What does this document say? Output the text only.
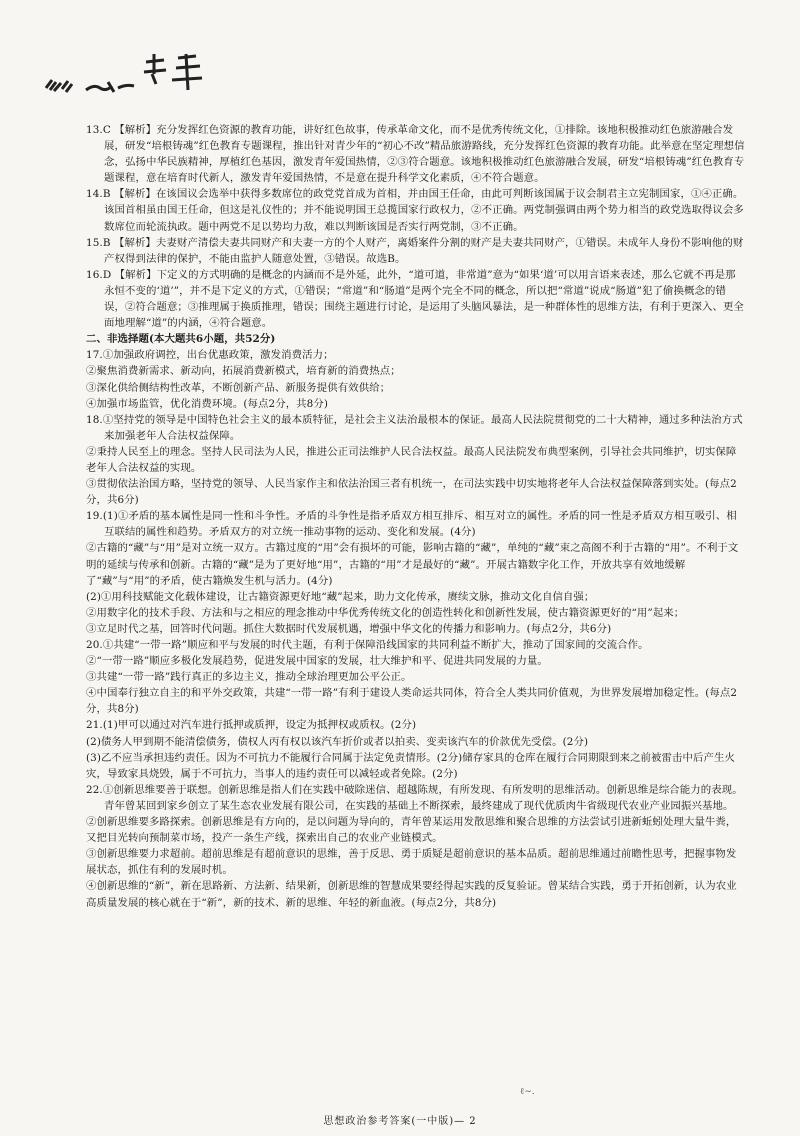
13.C 【解析】充分发挥红色资源的教育功能，讲好红色故事，传承革命文化，而不是优秀传统文化，①排除。该地积极推动红色旅游融合发展，研发“培根铸魂”红色教育专题课程，推出针对青少年的“初心不改”精品旅游路线，充分发挥红色资源的教育功能。此举意在坚定理想信念，弘扬中华民族精神，厚植红色基因，激发青年爱国热情，②③符合题意。该地积极推动红色旅游融合发展，研发“培根铸魂”红色教育专题课程，意在培育时代新人，激发青年爱国热情，不是意在提升科学文化素质，④不符合题意。

14.B 【解析】在该国议会选举中获得多数席位的政党党首成为首相，并由国王任命，由此可判断该国属于议会制君主立宪制国家，①④正确。该国首相虽由国王任命，但这是礼仪性的；并不能说明国王总揽国家行政权力，②不正确。两党制强调由两个势力相当的政党选取得议会多数席位而轮流执政。题中两党不足以势均力敌，难以判断该国是否实行两党制，③不正确。

15.B 【解析】夫妻财产清偿夫妻共同财产和夫妻一方的个人财产，离婚案件分割的财产是夫妻共同财产，①错误。未成年人身份不影响他的财产权得到法律的保护，不能由监护人随意处置，③错误。故选B。

16.D 【解析】下定义的方式明确的是概念的内涵而不是外延，此外，“道可道，非常道”意为“如果‘道’可以用言语来表述，那么它就不再是那永恒不变的‘道’”，并不是下定义的方式，①错误；“常道”和“肠道”是两个完全不同的概念，所以把“常道”说成“肠道”犯了偷换概念的错误，②符合题意；③推理属于换质推理，错误；围绕主题进行讨论，是运用了头脑风暴法，是一种群体性的思维方法，有利于更深入、更全面地理解“道”的内涵，④符合题意。

二、非选择题(本大题共6小题，共52分)

17.①加强政府调控，出台优惠政策，激发消费活力；

②聚焦消费新需求、新动向，拓展消费新模式，培育新的消费热点；

③深化供给侧结构性改革，不断创新产品、新服务提供有效供给；

④加强市场监管，优化消费环境。(每点2分，共8分)

18.①坚持党的领导是中国特色社会主义的最本质特征，是社会主义法治最根本的保证。最高人民法院贯彻党的二十大精神，通过多种法治方式来加强老年人合法权益保障。

②秉持人民至上的理念。坚持人民司法为人民，推进公正司法维护人民合法权益。最高人民法院发布典型案例，引导社会共同维护，切实保障老年人合法权益的实现。

③贯彻依法治国方略，坚持党的领导、人民当家作主和依法治国三者有机统一，在司法实践中切实地将老年人合法权益保障落到实处。(每点2分，共6分)

19.(1)①矛盾的基本属性是同一性和斗争性。矛盾的斗争性是指矛盾双方相互排斥、相互对立的属性。矛盾的同一性是矛盾双方相互吸引、相互联结的属性和趋势。矛盾双方的对立统一推动事物的运动、变化和发展。(4分)

②古籍的“藏”与“用”是对立统一双方。古籍过度的“用”会有损坏的可能，影响古籍的“藏”，单纯的“藏”束之高阁不利于古籍的“用”。不利于文明的延续与传承和创新。古籍的“藏”是为了更好地“用”，古籍的“用”才是最好的“藏”。开展古籍数字化工作，开放共享有效地缓解了“藏”与“用”的矛盾，使古籍焕发生机与活力。(4分)

(2)①用科技赋能文化载体建设，让古籍资源更好地“藏”起来，助力文化传承，赓续文脉，推动文化自信自强；

②用数字化的技术手段、方法和与之相应的理念推动中华优秀传统文化的创造性转化和创新性发展，使古籍资源更好的“用”起来；

③立足时代之基，回答时代问题。抓住大数据时代发展机遇，增强中华文化的传播力和影响力。(每点2分，共6分)

20.①共建“一带一路”顺应和平与发展的时代主题，有利于保障沿线国家的共同利益不断扩大，推动了国家间的交流合作。

②“一带一路”顺应多极化发展趋势，促进发展中国家的发展，壮大维护和平、促进共同发展的力量。

③共建“一带一路”践行真正的多边主义，推动全球治理更加公平公正。

④中国奉行独立自主的和平外交政策，共建“一带一路”有利于建设人类命运共同体，符合全人类共同价值观，为世界发展增加稳定性。(每点2分，共8分)

21.(1)甲可以通过对汽车进行抵押或质押，设定为抵押权或质权。(2分)

(2)债务人甲到期不能清偿债务，债权人丙有权以该汽车折价或者以拍卖、变卖该汽车的价款优先受偿。(2分)

(3)乙不应当承担违约责任。因为不可抗力不能履行合同属于法定免责情形。(2分)储存家具的仓库在履行合同期限到来之前被雷击中后产生火灾，导致家具烧毁，属于不可抗力，当事人的违约责任可以减轻或者免除。(2分)

22.①创新思维要善于联想。创新思维是指人们在实践中破除迷信、超越陈规，有所发现、有所发明的思维活动。创新思维是综合能力的表现。青年曾某回到家乡创立了某生态农业发展有限公司，在实践的基础上不断探索，最终建成了现代优质肉牛省级现代农业产业园振兴基地。

②创新思维要多路探索。创新思维是有方向的，是以问题为导向的，青年曾某运用发散思维和聚合思维的方法尝试引进新蚯蚓处理大量牛粪，又把目光转向预制菜市场，投产一条生产线，探索出自己的农业产业链模式。

③创新思维要力求超前。超前思维是有超前意识的思维，善于反思、勇于质疑是超前意识的基本品质。超前思维通过前瞻性思考，把握事物发展状态，抓住有利的发展时机。

④创新思维的“新”，新在思路新、方法新、结果新，创新思维的智慧成果要经得起实践的反复验证。曾某结合实践，勇于开拓创新，认为农业高质量发展的核心就在于“新”，新的技术、新的思维、年轻的新血液。(每点2分，共8分)

ℓ∼.
思想政治参考答案(一中版)— 2
